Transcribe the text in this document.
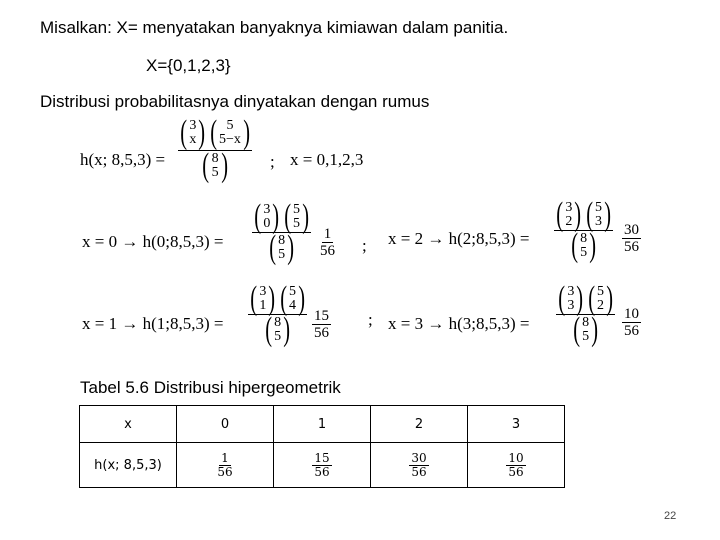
Misalkan: X= menyatakan banyaknya kimiawan dalam panitia.
X={0,1,2,3}
Distribusi probabilitasnya dinyatakan dengan rumus
h(x; 8,5,3) =
( 3
x ) ( 5
5−x )
( 8
5 ) ; x = 0,1,2,3
x = 0 → h(0;8,5,3) =
( 3
0 ) ( 5
5 )
( 8
5 ) $\frac{1}{56}$ ; x = 2 → h(2;8,5,3) =
( 3
2 ) ( 5
3 )
( 8
5 ) $\frac{30}{56}$
x = 1 → h(1;8,5,3) =
( 3
1 ) ( 5
4 )
( 8
5 ) $\frac{15}{56}$ ; x = 3 → h(3;8,5,3) =
( 3
3 ) ( 5
2 )
( 8
5 ) $\frac{10}{56}$
Tabel 5.6 Distribusi hipergeometrik
x	0	1	2	3
h(x; 8,5,3)	$\frac{1}{56}$	$\frac{15}{56}$	$\frac{30}{56}$	$\frac{10}{56}$
22
